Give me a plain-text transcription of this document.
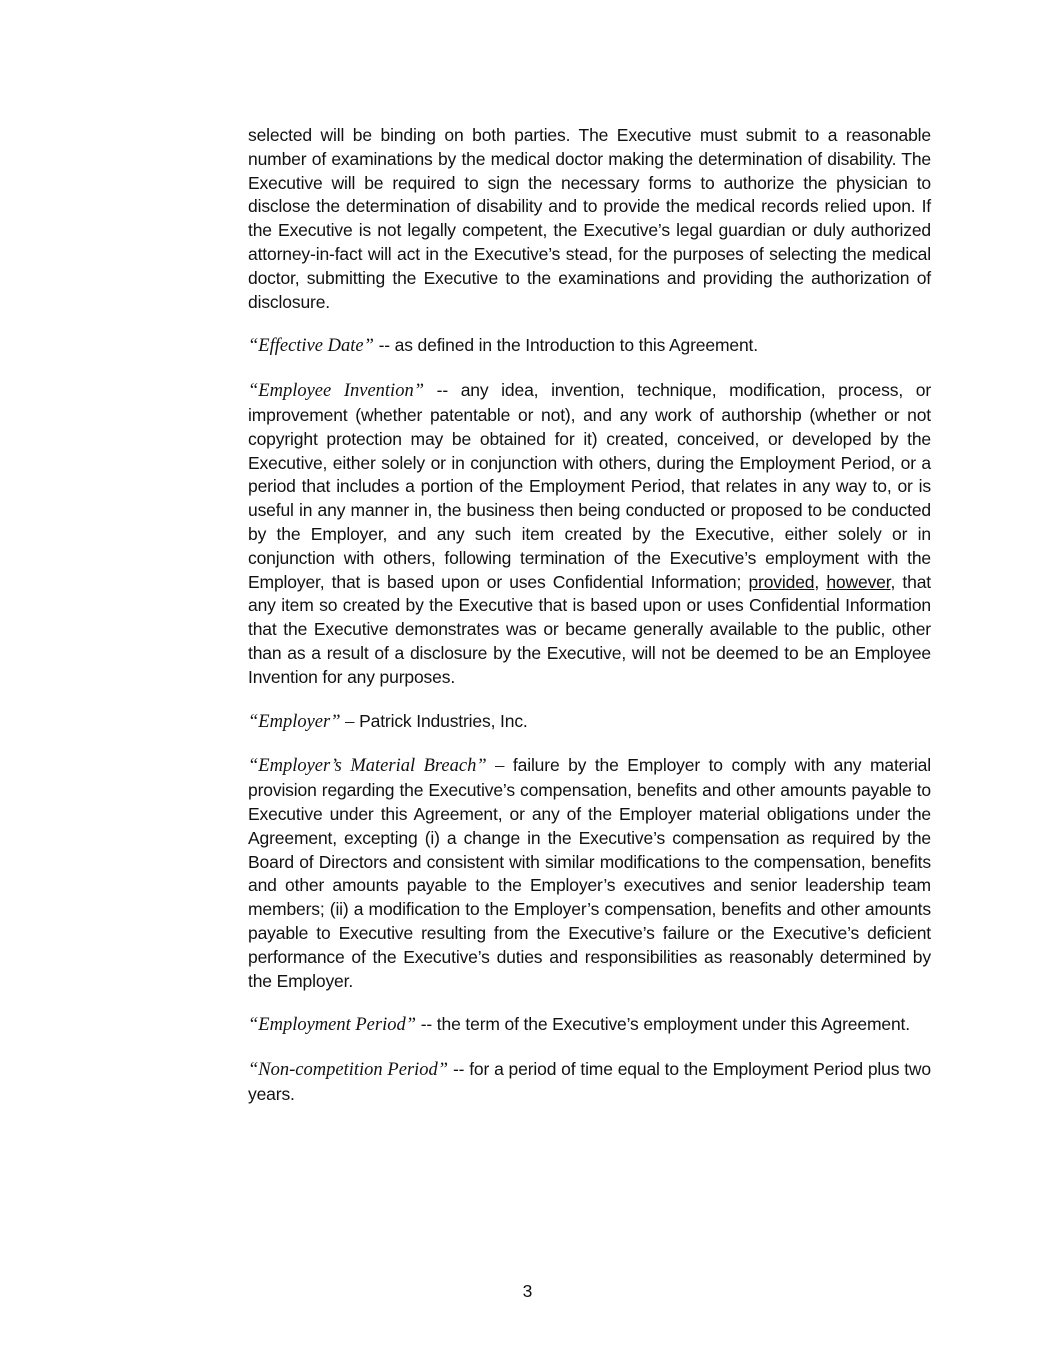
selected will be binding on both parties. The Executive must submit to a reasonable number of examinations by the medical doctor making the determination of disability. The Executive will be required to sign the necessary forms to authorize the physician to disclose the determination of disability and to provide the medical records relied upon. If the Executive is not legally competent, the Executive’s legal guardian or duly authorized attorney-in-fact will act in the Executive’s stead, for the purposes of selecting the medical doctor, submitting the Executive to the examinations and providing the authorization of disclosure.

“Effective Date” -- as defined in the Introduction to this Agreement.

“Employee Invention” -- any idea, invention, technique, modification, process, or improvement (whether patentable or not), and any work of authorship (whether or not copyright protection may be obtained for it) created, conceived, or developed by the Executive, either solely or in conjunction with others, during the Employment Period, or a period that includes a portion of the Employment Period, that relates in any way to, or is useful in any manner in, the business then being conducted or proposed to be conducted by the Employer, and any such item created by the Executive, either solely or in conjunction with others, following termination of the Executive’s employment with the Employer, that is based upon or uses Confidential Information; provided, however, that any item so created by the Executive that is based upon or uses Confidential Information that the Executive demonstrates was or became generally available to the public, other than as a result of a disclosure by the Executive, will not be deemed to be an Employee Invention for any purposes.

“Employer” – Patrick Industries, Inc.

“Employer’s Material Breach” – failure by the Employer to comply with any material provision regarding the Executive’s compensation, benefits and other amounts payable to Executive under this Agreement, or any of the Employer material obligations under the Agreement, excepting (i) a change in the Executive’s compensation as required by the Board of Directors and consistent with similar modifications to the compensation, benefits and other amounts payable to the Employer’s executives and senior leadership team members; (ii) a modification to the Employer’s compensation, benefits and other amounts payable to Executive resulting from the Executive’s failure or the Executive’s deficient performance of the Executive’s duties and responsibilities as reasonably determined by the Employer.

“Employment Period” -- the term of the Executive’s employment under this Agreement.

“Non-competition Period” -- for a period of time equal to the Employment Period plus two years.

3
